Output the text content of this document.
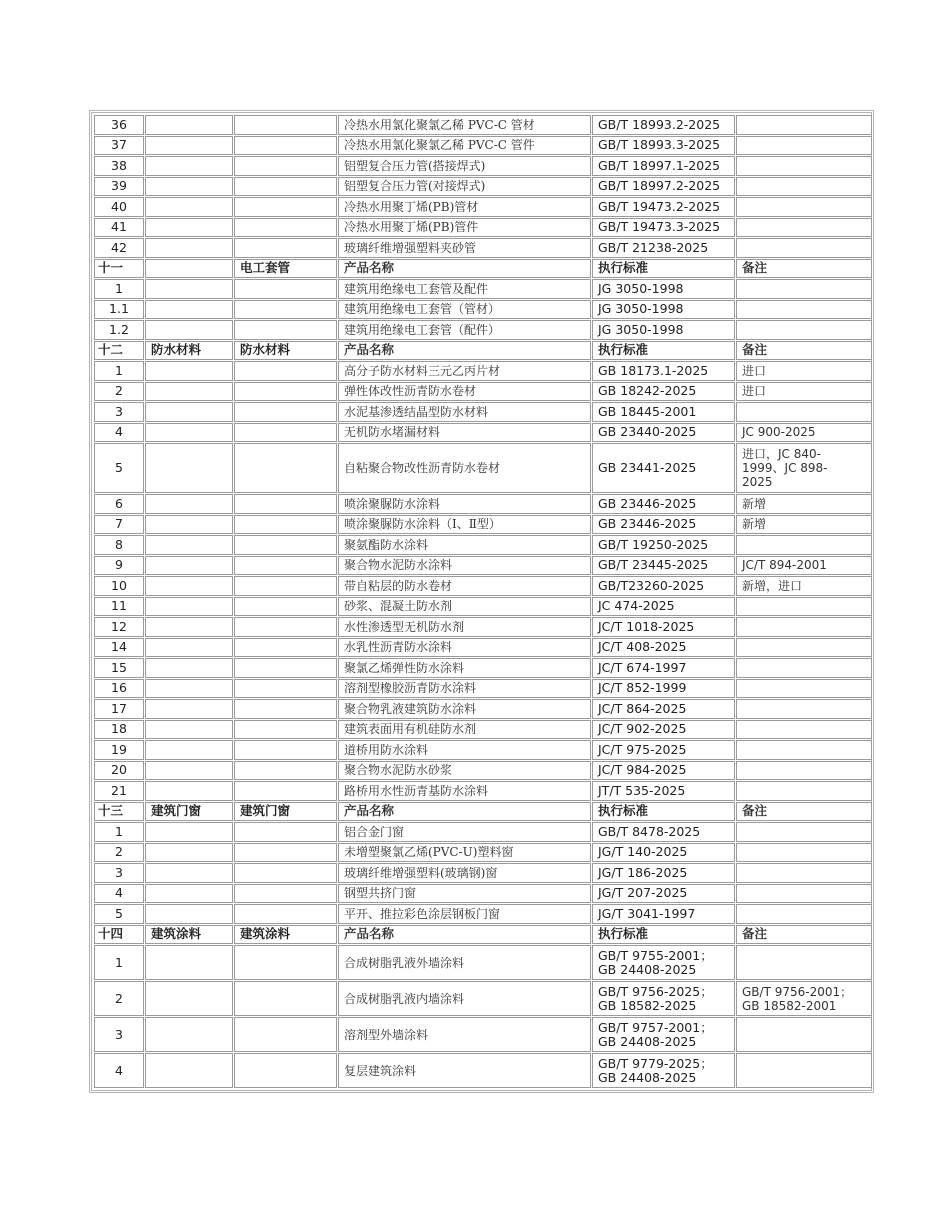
36			冷热水用氯化聚氯乙稀 PVC-C 管材	GB/T 18993.2-2025	
37			冷热水用氯化聚氯乙稀 PVC-C 管件	GB/T 18993.3-2025	
38			铝塑复合压力管(搭接焊式)	GB/T 18997.1-2025	
39			铝塑复合压力管(对接焊式)	GB/T 18997.2-2025	
40			冷热水用聚丁烯(PB)管材	GB/T 19473.2-2025	
41			冷热水用聚丁烯(PB)管件	GB/T 19473.3-2025	
42			玻璃纤维增强塑料夹砂管	GB/T 21238-2025	
十一		电工套管	产品名称	执行标准	备注
1			建筑用绝缘电工套管及配件	JG 3050-1998	
1.1			建筑用绝缘电工套管（管材）	JG 3050-1998	
1.2			建筑用绝缘电工套管（配件）	JG 3050-1998	
十二	防水材料	防水材料	产品名称	执行标准	备注
1			高分子防水材料三元乙丙片材	GB 18173.1-2025	进口
2			弹性体改性沥青防水卷材	GB 18242-2025	进口
3			水泥基渗透结晶型防水材料	GB 18445-2001	
4			无机防水堵漏材料	GB 23440-2025	JC 900-2025
5			自粘聚合物改性沥青防水卷材	GB 23441-2025	进口，JC 840-
1999、JC 898-
2025
6			喷涂聚脲防水涂料	GB 23446-2025	新增
7			喷涂聚脲防水涂料（Ⅰ、Ⅱ型）	GB 23446-2025	新增
8			聚氨酯防水涂料	GB/T 19250-2025	
9			聚合物水泥防水涂料	GB/T 23445-2025	JC/T 894-2001
10			带自粘层的防水卷材	GB/T23260-2025	新增，进口
11			砂浆、混凝土防水剂	JC 474-2025	
12			水性渗透型无机防水剂	JC/T 1018-2025	
14			水乳性沥青防水涂料	JC/T 408-2025	
15			聚氯乙烯弹性防水涂料	JC/T 674-1997	
16			溶剂型橡胶沥青防水涂料	JC/T 852-1999	
17			聚合物乳液建筑防水涂料	JC/T 864-2025	
18			建筑表面用有机硅防水剂	JC/T 902-2025	
19			道桥用防水涂料	JC/T 975-2025	
20			聚合物水泥防水砂浆	JC/T 984-2025	
21			路桥用水性沥青基防水涂料	JT/T 535-2025	
十三	建筑门窗	建筑门窗	产品名称	执行标准	备注
1			铝合金门窗	GB/T 8478-2025	
2			未增塑聚氯乙烯(PVC-U)塑料窗	JG/T 140-2025	
3			玻璃纤维增强塑料(玻璃钢)窗	JG/T 186-2025	
4			钢塑共挤门窗	JG/T 207-2025	
5			平开、推拉彩色涂层钢板门窗	JG/T 3041-1997	
十四	建筑涂料	建筑涂料	产品名称	执行标准	备注
1			合成树脂乳液外墙涂料	GB/T 9755-2001；
GB 24408-2025	
2			合成树脂乳液内墙涂料	GB/T 9756-2025；
GB 18582-2025	GB/T 9756-2001；
GB 18582-2001
3			溶剂型外墙涂料	GB/T 9757-2001；
GB 24408-2025	
4			复层建筑涂料	GB/T 9779-2025；
GB 24408-2025	
